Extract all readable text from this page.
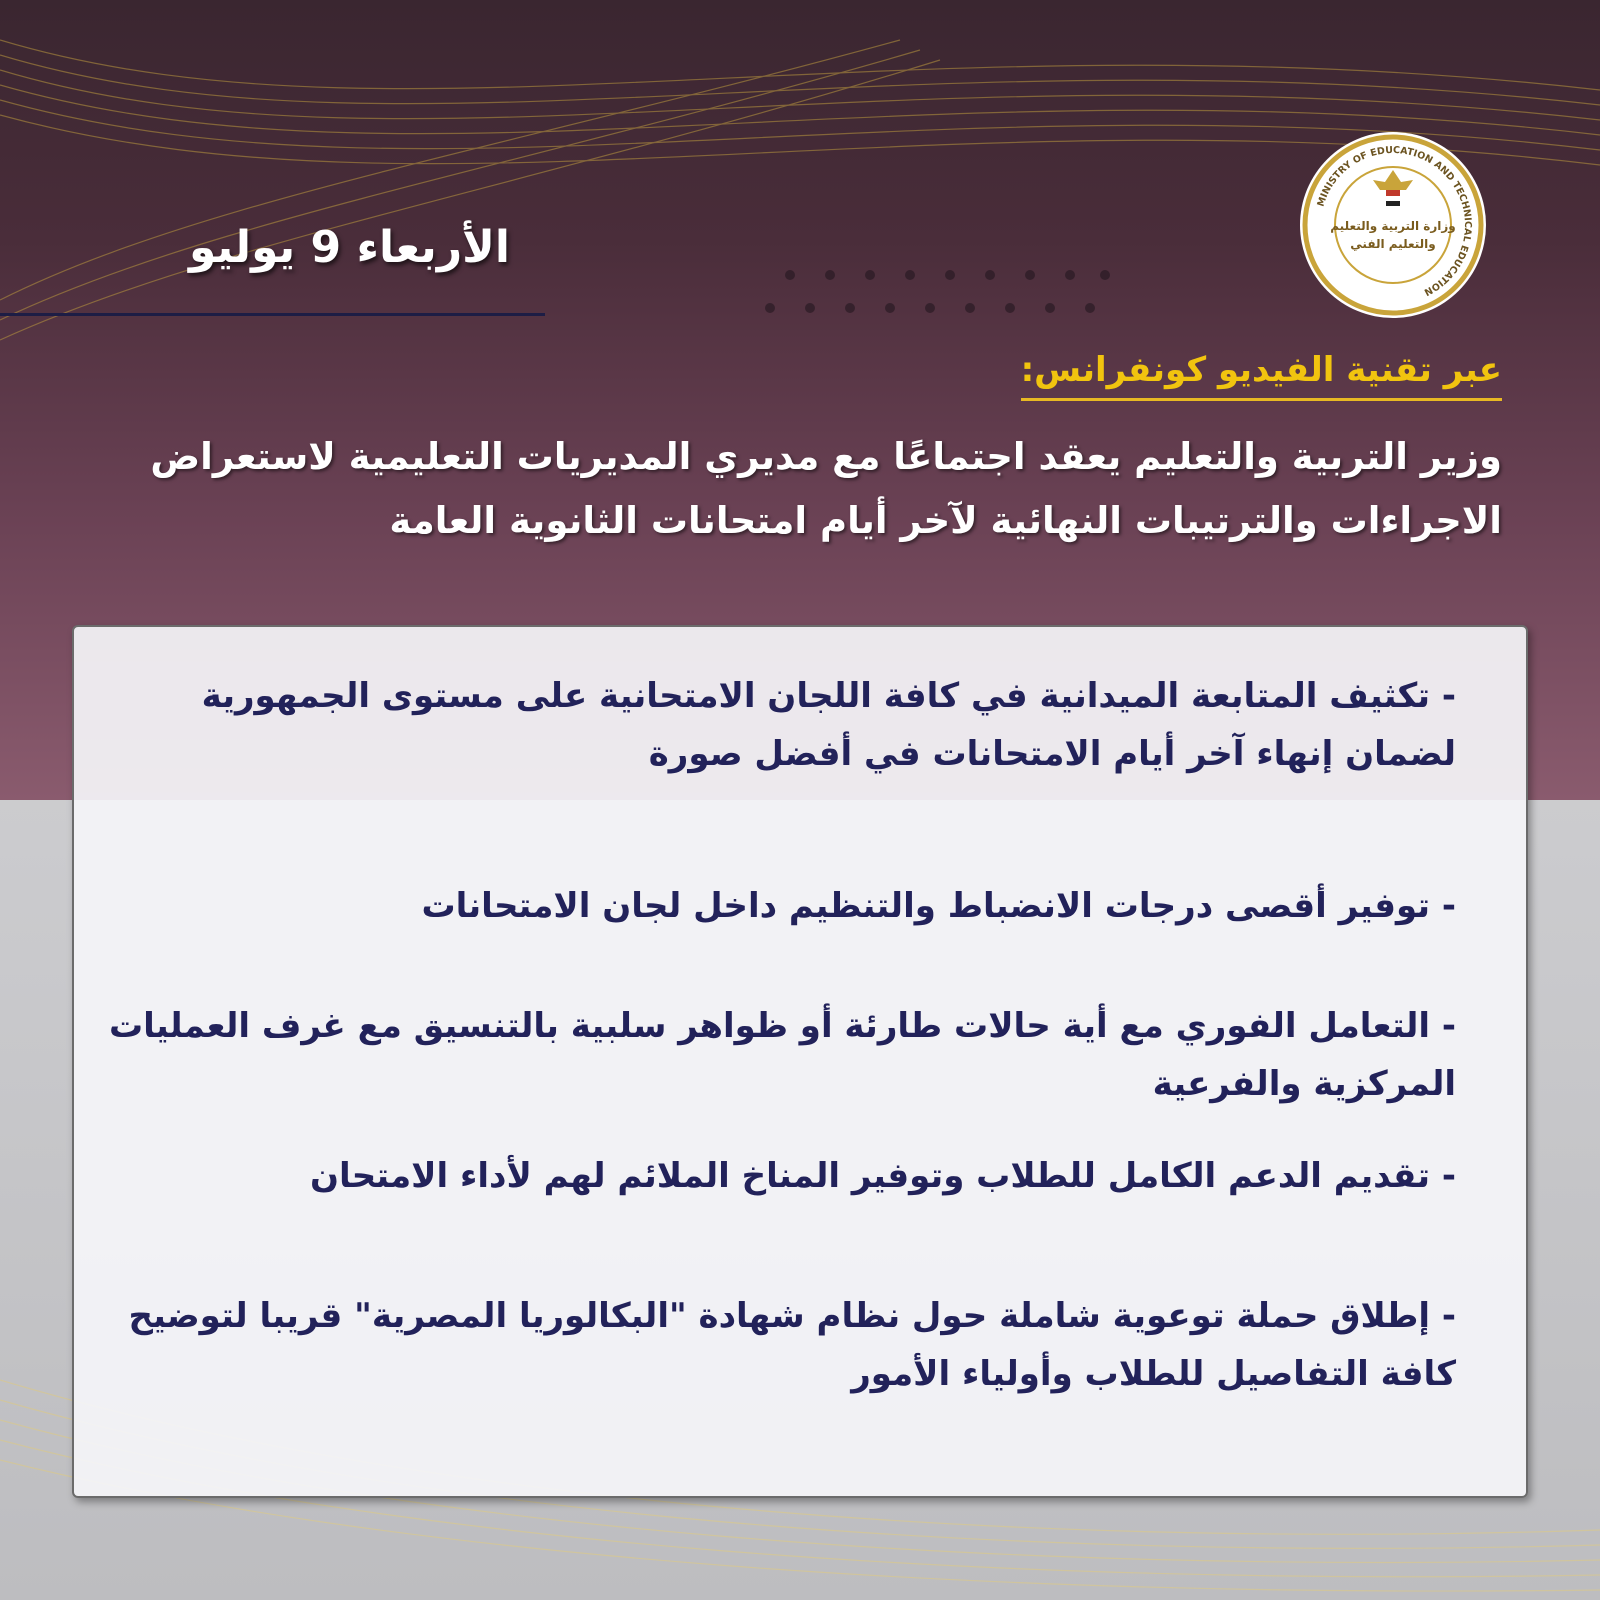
الأربعاء 9 يوليو
MINISTRY OF EDUCATION AND TECHNICAL EDUCATION
وزارة التربية والتعليم
والتعليم الفني
عبر تقنية الفيديو كونفرانس:
وزير التربية والتعليم يعقد اجتماعًا مع مديري المديريات التعليمية لاستعراض الاجراءات والترتيبات النهائية لآخر أيام امتحانات الثانوية العامة
- تكثيف المتابعة الميدانية في كافة اللجان الامتحانية على مستوى الجمهورية لضمان إنهاء آخر أيام الامتحانات في أفضل صورة
- توفير أقصى درجات الانضباط والتنظيم داخل لجان الامتحانات
- التعامل الفوري مع أية حالات طارئة أو ظواهر سلبية بالتنسيق مع غرف العمليات المركزية والفرعية
- تقديم الدعم الكامل للطلاب وتوفير المناخ الملائم لهم لأداء الامتحان
- إطلاق حملة توعوية شاملة حول نظام شهادة "البكالوريا المصرية" قريبا لتوضيح كافة التفاصيل للطلاب وأولياء الأمور
